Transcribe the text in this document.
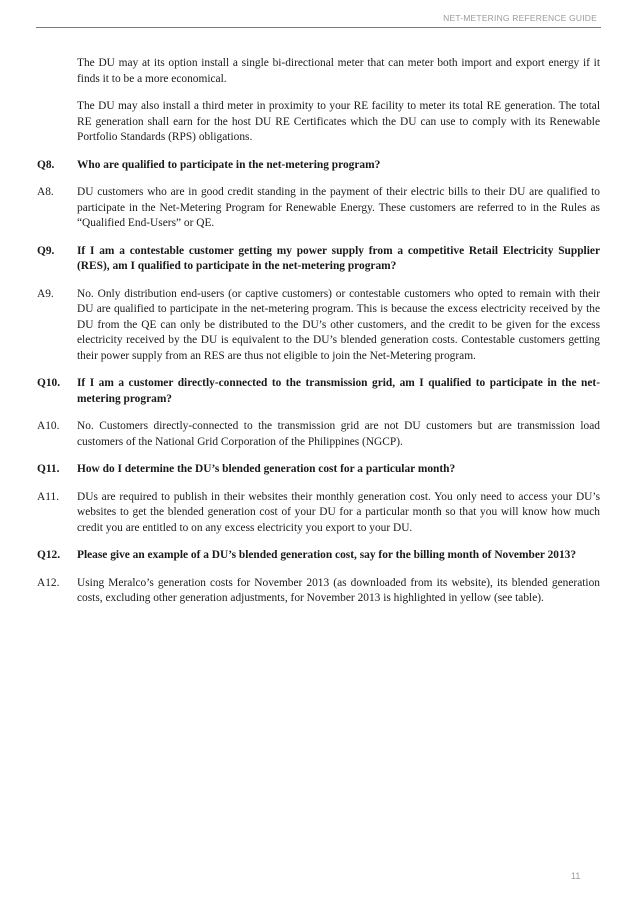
NET-METERING REFERENCE GUIDE

The DU may at its option install a single bi-directional meter that can meter both import and export energy if it finds it to be a more economical.

The DU may also install a third meter in proximity to your RE facility to meter its total RE generation. The total RE generation shall earn for the host DU RE Certificates which the DU can use to comply with its Renewable Portfolio Standards (RPS) obligations.

Q8.	Who are qualified to participate in the net-metering program?
A8.	DU customers who are in good credit standing in the payment of their electric bills to their DU are qualified to participate in the Net-Metering Program for Renewable Energy. These customers are referred to in the Rules as “Qualified End-Users” or QE.
Q9.	If I am a contestable customer getting my power supply from a competitive Retail Electricity Supplier (RES), am I qualified to participate in the net-metering program?
A9.	No. Only distribution end-users (or captive customers) or contestable customers who opted to remain with their DU are qualified to participate in the net-metering program. This is because the excess electricity received by the DU from the QE can only be distributed to the DU’s other customers, and the credit to be given for the excess electricity received by the DU is equivalent to the DU’s blended generation costs. Contestable customers getting their power supply from an RES are thus not eligible to join the Net-Metering program.
Q10.	If I am a customer directly-connected to the transmission grid, am I qualified to participate in the net-metering program?
A10.	No. Customers directly-connected to the transmission grid are not DU customers but are transmission load customers of the National Grid Corporation of the Philippines (NGCP).
Q11.	How do I determine the DU’s blended generation cost for a particular month?
A11.	DUs are required to publish in their websites their monthly generation cost. You only need to access your DU’s websites to get the blended generation cost of your DU for a particular month so that you will know how much credit you are entitled to on any excess electricity you export to your DU.
Q12.	Please give an example of a DU’s blended generation cost, say for the billing month of November 2013?
A12.	Using Meralco’s generation costs for November 2013 (as downloaded from its website), its blended generation costs, excluding other generation adjustments, for November 2013 is highlighted in yellow (see table).
11
